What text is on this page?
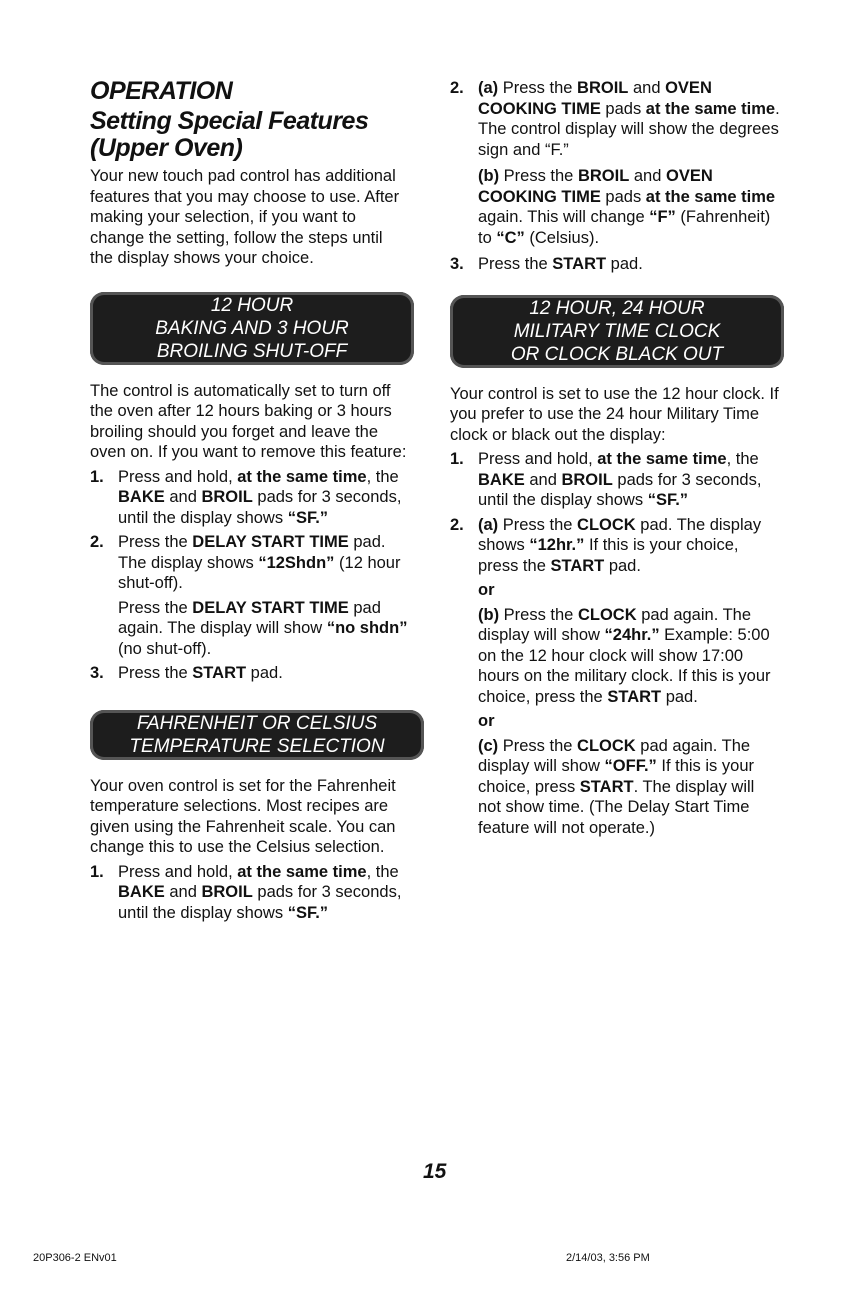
OPERATION
Setting Special Features
(Upper Oven)

Your new touch pad control has additional features that you may choose to use. After making your selection, if you want to change the setting, follow the steps until the display shows your choice.

12 HOUR
BAKING AND 3 HOUR
BROILING SHUT-OFF

The control is automatically set to turn off the oven after 12 hours baking or 3 hours broiling should you forget and leave the oven on. If you want to remove this feature:

1. Press and hold, at the same time, the BAKE and BROIL pads for 3 seconds, until the display shows “SF.”
2. Press the DELAY START TIME pad. The display shows “12Shdn” (12 hour shut-off).
Press the DELAY START TIME pad again. The display will show “no shdn” (no shut-off).
3. Press the START pad.
FAHRENHEIT OR CELSIUS
TEMPERATURE SELECTION

Your oven control is set for the Fahrenheit temperature selections. Most recipes are given using the Fahrenheit scale. You can change this to use the Celsius selection.

1. Press and hold, at the same time, the BAKE and BROIL pads for 3 seconds, until the display shows “SF.”
2. (a) Press the BROIL and OVEN COOKING TIME pads at the same time. The control display will show the degrees sign and “F.”
(b) Press the BROIL and OVEN COOKING TIME pads at the same time again. This will change “F” (Fahrenheit) to “C” (Celsius).
3. Press the START pad.
12 HOUR, 24 HOUR
MILITARY TIME CLOCK
OR CLOCK BLACK OUT

Your control is set to use the 12 hour clock. If you prefer to use the 24 hour Military Time clock or black out the display:

1. Press and hold, at the same time, the BAKE and BROIL pads for 3 seconds, until the display shows “SF.”
2. (a) Press the CLOCK pad. The display shows “12hr.” If this is your choice, press the START pad.
or
(b) Press the CLOCK pad again. The display will show “24hr.” Example: 5:00 on the 12 hour clock will show 17:00 hours on the military clock. If this is your choice, press the START pad.
or
(c) Press the CLOCK pad again. The display will show “OFF.” If this is your choice, press START. The display will not show time. (The Delay Start Time feature will not operate.)
15
20P306-2 ENv01	2/14/03, 3:56 PM
